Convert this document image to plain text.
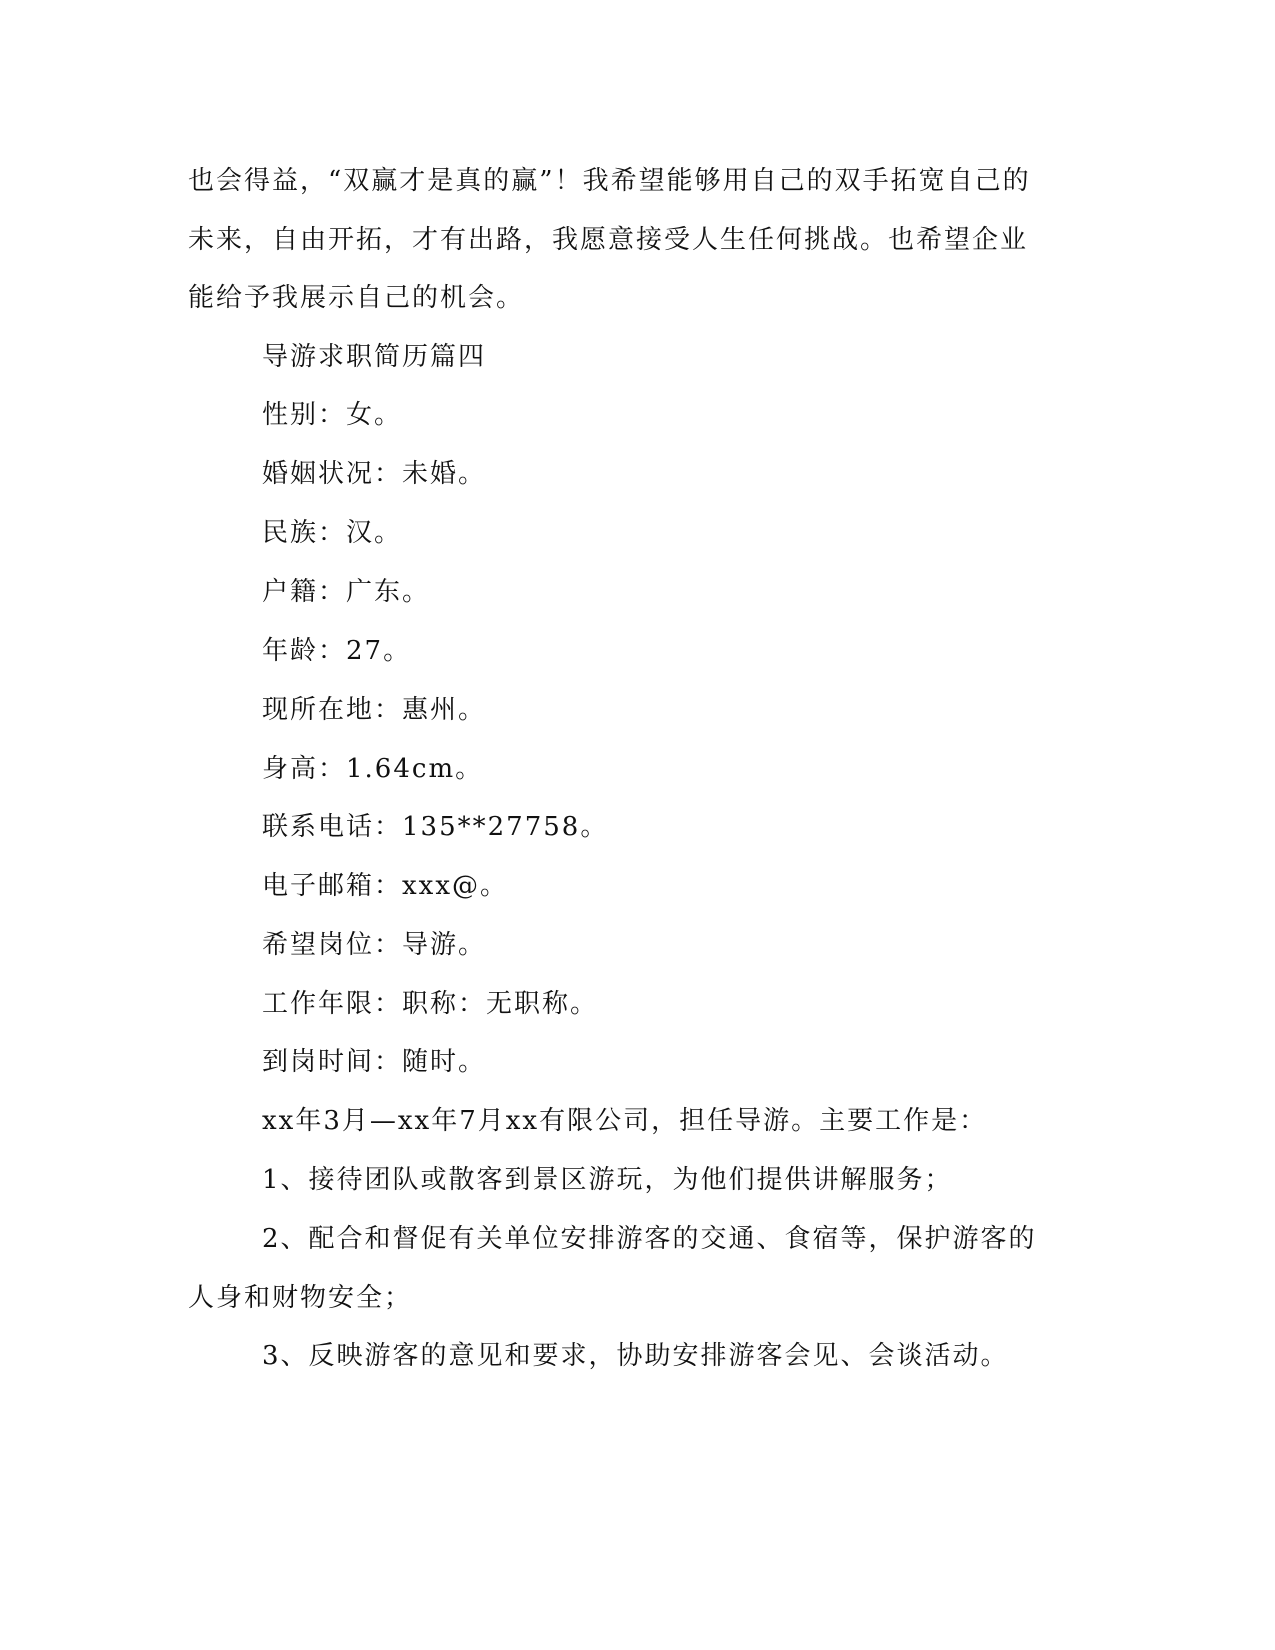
也会得益，“双赢才是真的赢”！我希望能够用自己的双手拓宽自己的

未来，自由开拓，才有出路，我愿意接受人生任何挑战。也希望企业

能给予我展示自己的机会。

导游求职简历篇四

性别：女。

婚姻状况：未婚。

民族：汉。

户籍：广东。

年龄：27。

现所在地：惠州。

身高：1.64cm。

联系电话：135**27758。

电子邮箱：xxx@。

希望岗位：导游。

工作年限：职称：无职称。

到岗时间：随时。

xx年3月—xx年7月xx有限公司，担任导游。主要工作是：

1、接待团队或散客到景区游玩，为他们提供讲解服务；

2、配合和督促有关单位安排游客的交通、食宿等，保护游客的

人身和财物安全；

3、反映游客的意见和要求，协助安排游客会见、会谈活动。
